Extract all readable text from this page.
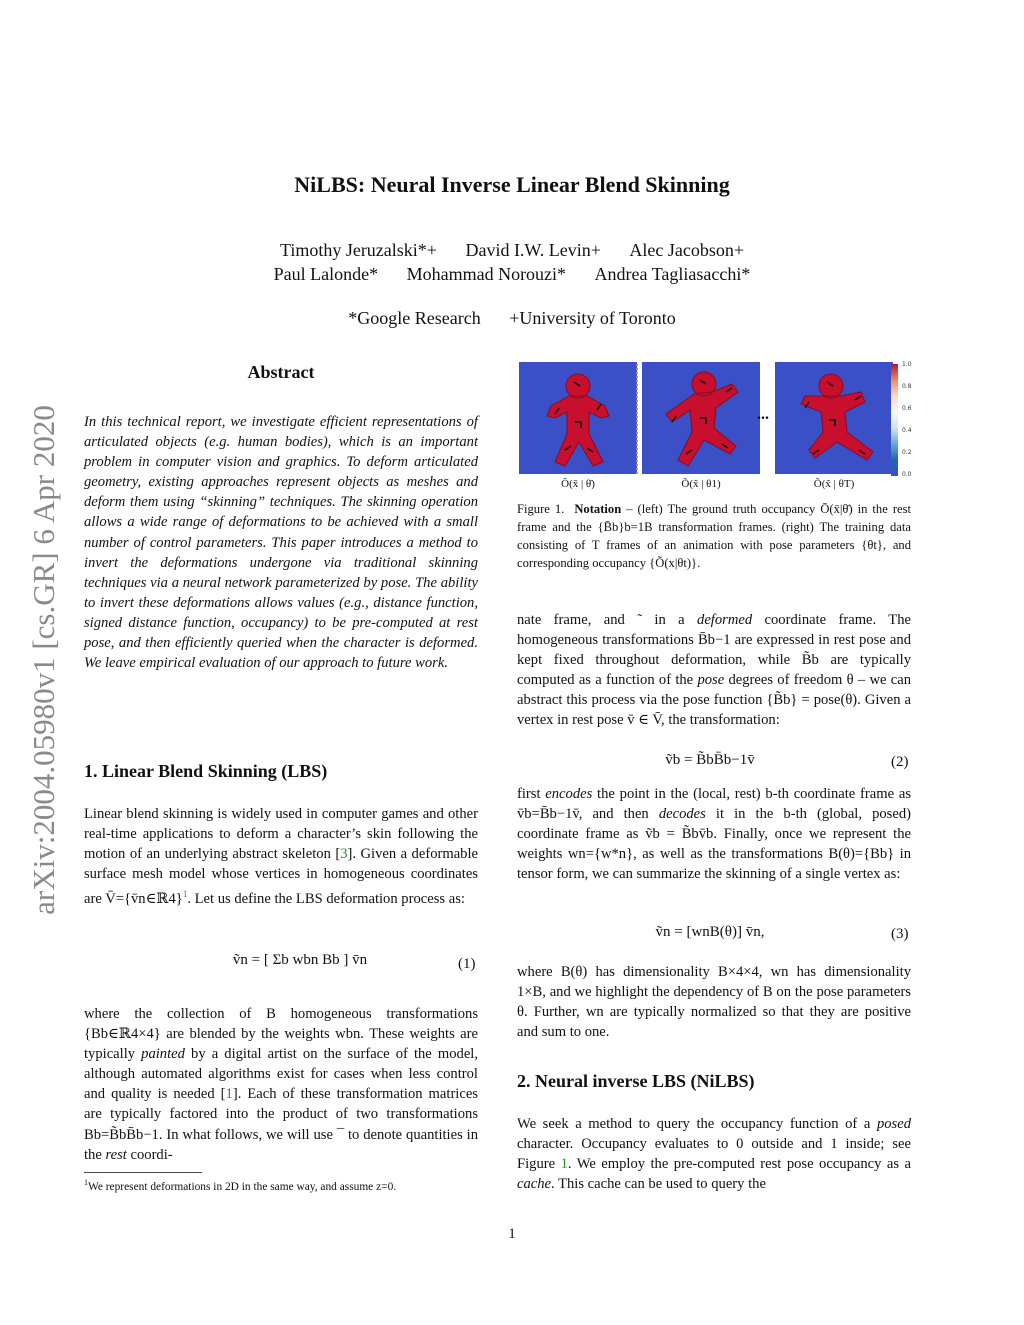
arXiv:2004.05980v1 [cs.GR] 6 Apr 2020
NiLBS: Neural Inverse Linear Blend Skinning
Timothy Jeruzalski*+ David I.W. Levin+ Alec Jacobson+
Paul Lalonde* Mohammad Norouzi* Andrea Tagliasacchi*
*Google Research +University of Toronto
Abstract
In this technical report, we investigate efficient representations of articulated objects (e.g. human bodies), which is an important problem in computer vision and graphics. To deform articulated geometry, existing approaches represent objects as meshes and deform them using “skinning” techniques. The skinning operation allows a wide range of deformations to be achieved with a small number of control parameters. This paper introduces a method to invert the deformations undergone via traditional skinning techniques via a neural network parameterized by pose. The ability to invert these deformations allows values (e.g., distance function, signed distance function, occupancy) to be pre-computed at rest pose, and then efficiently queried when the character is deformed. We leave empirical evaluation of our approach to future work.
1. Linear Blend Skinning (LBS)
Linear blend skinning is widely used in computer games and other real-time applications to deform a character’s skin following the motion of an underlying abstract skeleton [3]. Given a deformable surface mesh model whose vertices in homogeneous coordinates are V̄={v̄n∈ℝ4}$^1$. Let us define the LBS deformation process as:
ṽn = [ Σb wbn Bb ] v̄n	(1)
where the collection of B homogeneous transformations {Bb∈ℝ4×4} are blended by the weights wbn. These weights are typically painted by a digital artist on the surface of the model, although automated algorithms exist for cases when less control and quality is needed [1]. Each of these transformation matrices are typically factored into the product of two transformations Bb=B̃bB̄b−1. In what follows, we will use ¯ to denote quantities in the rest coordi-
$^1$We represent deformations in 2D in the same way, and assume z=0.
...
1.0
0.8
0.6
0.4
0.2
0.0
Ō(x̄ | θ̄)	Õ(x̃ | θ1)	Õ(x̃ | θT)
Figure 1. Notation – (left) The ground truth occupancy Ō(x̄|θ̄) in the rest frame and the {B̄b}b=1B transformation frames. (right) The training data consisting of T frames of an animation with pose parameters {θt}, and corresponding occupancy {Õ(x|θt)}.
nate frame, and ˜ in a deformed coordinate frame. The homogeneous transformations B̄b−1 are expressed in rest pose and kept fixed throughout deformation, while B̃b are typically computed as a function of the pose degrees of freedom θ – we can abstract this process via the pose function {B̃b} = pose(θ). Given a vertex in rest pose v̄ ∈ V̄, the transformation:
ṽb = B̃bB̄b−1v̄	(2)
first encodes the point in the (local, rest) b-th coordinate frame as v̄b=B̄b−1v̄, and then decodes it in the b-th (global, posed) coordinate frame as ṽb = B̃bv̄b. Finally, once we represent the weights wn={w*n}, as well as the transformations B(θ)={Bb} in tensor form, we can summarize the skinning of a single vertex as:
ṽn = [wnB(θ)] v̄n,	(3)
where B(θ) has dimensionality B×4×4, wn has dimensionality 1×B, and we highlight the dependency of B on the pose parameters θ. Further, wn are typically normalized so that they are positive and sum to one.
2. Neural inverse LBS (NiLBS)
We seek a method to query the occupancy function of a posed character. Occupancy evaluates to 0 outside and 1 inside; see Figure 1. We employ the pre-computed rest pose occupancy as a cache. This cache can be used to query the
1
